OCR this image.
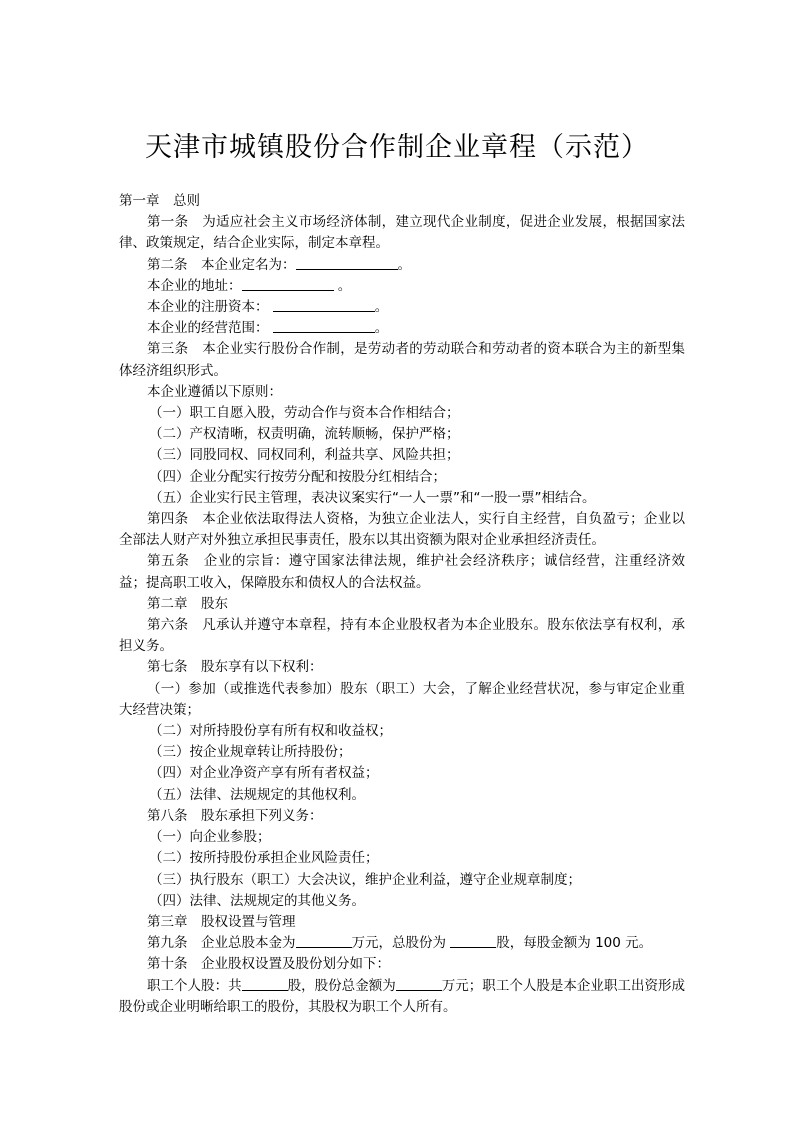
天津市城镇股份合作制企业章程（示范）

第一章　总则

第一条　为适应社会主义市场经济体制，建立现代企业制度，促进企业发展，根据国家法律、政策规定，结合企业实际，制定本章程。

第二条　本企业定名为：	。

本企业的地址：	。

本企业的注册资本：	。

本企业的经营范围：	。

第三条　本企业实行股份合作制，是劳动者的劳动联合和劳动者的资本联合为主的新型集体经济组织形式。

本企业遵循以下原则：

（一）职工自愿入股，劳动合作与资本合作相结合；

（二）产权清晰，权责明确，流转顺畅，保护严格；

（三）同股同权、同权同利，利益共享、风险共担；

（四）企业分配实行按劳分配和按股分红相结合；

（五）企业实行民主管理，表决议案实行“一人一票”和“一股一票”相结合。

第四条　本企业依法取得法人资格，为独立企业法人，实行自主经营，自负盈亏；企业以全部法人财产对外独立承担民事责任，股东以其出资额为限对企业承担经济责任。

第五条　企业的宗旨：遵守国家法律法规，维护社会经济秩序；诚信经营，注重经济效益；提高职工收入，保障股东和债权人的合法权益。

第二章　股东

第六条　凡承认并遵守本章程，持有本企业股权者为本企业股东。股东依法享有权利，承担义务。

第七条　股东享有以下权利：

（一）参加（或推选代表参加）股东（职工）大会，了解企业经营状况，参与审定企业重大经营决策；

（二）对所持股份享有所有权和收益权；

（三）按企业规章转让所持股份；

（四）对企业净资产享有所有者权益；

（五）法律、法规规定的其他权利。

第八条　股东承担下列义务：

（一）向企业参股；

（二）按所持股份承担企业风险责任；

（三）执行股东（职工）大会决议，维护企业利益，遵守企业规章制度；

（四）法律、法规规定的其他义务。

第三章　股权设置与管理

第九条　企业总股本金为	万元，总股份为	股，每股金额为 100 元。

第十条　企业股权设置及股份划分如下：

职工个人股：共	股，股份总金额为	万元；职工个人股是本企业职工出资形成股份或企业明晰给职工的股份，其股权为职工个人所有。
